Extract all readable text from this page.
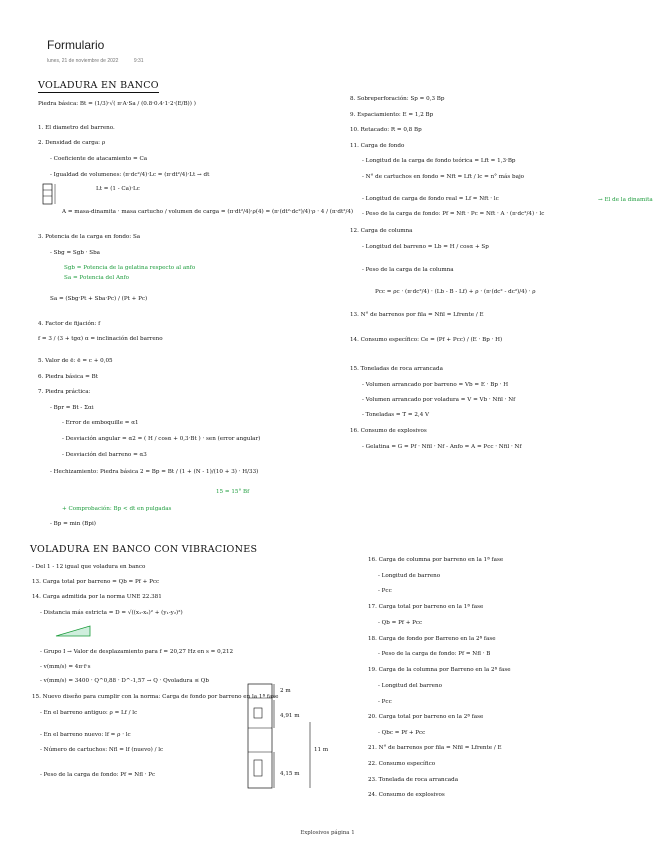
Formulario
lunes, 21 de noviembre de 2022	9:31
VOLADURA EN BANCO
Piedra básica: Bt = (1/3)·√( π·A·Sa / (0.8·0.4·1·2·(E/B)) )
1. El diametro del barreno.
2. Densidad de carga: ρ
- Coeficiente de atacamiento = Ca
- Igualdad de volumenes: (π·dc²/4)·Lc = (π·dt²/4)·Lt → dt
Lt = (1 - Ca)·Lc
A = masa-dinamita · masa cartucho / volumen de carga = (π·dt²/4)·ρ(4) = (π·(dt²·dc²)/4)·ρ · 4 / (π·dt²/4)
3. Potencia de la carga en fondo: Sa
- Sbg = Sgb · Sba
Sgb = Potencia de la gelatina respecto al anfo
Sa = Potencia del Anfo
Sa = (Sbg·Pt + Sba·Pc) / (Pt + Pc)
4. Factor de fijación: f
f = 3 / (3 + tgα) α = inclinación del barreno
5. Valor de ē: ē = c + 0,05
6. Piedra básica = Bt
7. Piedra práctica:
- Bpr = Bt - Σαi
- Error de emboquille = α1
- Desviación angular = α2 = ( H / cosα + 0,3·Bt ) · sen (error angular)
- Desviación del barreno = α3
- Hechizamiento: Piedra básica 2 = Bp = Bt / (1 + (N - 1)/(10 + 3) · H/33)
15 = 15° Bf
+ Comprobación: Bp < dt en pulgadas
- Bp = min (Bpi)
8. Sobreperforación: Sp = 0,3 Bp
9. Espaciamiento: E = 1,2 Bp
10. Retacado: R = 0,8 Bp
11. Carga de fondo
- Longitud de la carga de fondo teórica = Lft = 1,3·Bp
- N° de cartuchos en fondo = Nft = Lft / lc = n° más bajo
- Longitud de carga de fondo real = Lf = Nft · lc
- Peso de la carga de fondo: Pf = Nft · Pc = Nft · A · (π·dc²/4) · lc
→ El de la dinamita
12. Carga de columna
- Longitud del barreno = Lb = H / cosα + Sp
- Peso de la carga de la columna
Pcc = ρc · (π·dc²/4) · (Lb - B - Lf) + ρ · (π·(dc² - dc²)/4) · ρ
13. N° de barrenos por fila = Nfil = Lfrente / E
14. Consumo específico: Ce = (Pf + Pcc) / (E · Bp · H)
15. Toneladas de roca arrancada
- Volumen arrancado por barreno = Vb = E · Bp · H
- Volumen arrancado por voladura = V = Vb · Nfil · Nf
- Toneladas = T = 2,4 V
16. Consumo de explosivos
- Gelatina = G = Pf · Nfil · Nf - Anfo = A = Pcc · Nfil · Nf
VOLADURA EN BANCO CON VIBRACIONES
- Del 1 - 12 igual que voladura en banco
13. Carga total por barreno = Qb = Pf + Pcc
14. Carga admitida por la norma UNE 22.381
- Distancia más estricta = D = √((x₁-x₂)² + (y₁-y₂)²)
- Grupo I → Valor de desplazamiento para f = 20,27 Hz en s = 0,212
- v(mm/s) = 4π·f·s
- v(mm/s) = 3400 · Q^0,88 · D^-1,57 → Q · Qvoladura ≤ Qb
15. Nuevo diseño para cumplir con la norma: Carga de fondo por barreno en la 1ª fase
- En el barreno antiguo: ρ = Lf / lc
- En el barreno nuevo: lf = ρ · lc
- Número de cartuchos: Nfl = lf (nuevo) / lc
- Peso de la carga de fondo: Pf = Nfl · Pc
2 m
4,91 m
11 m
4,15 m
16. Carga de columna por barreno en la 1ª fase
- Longitud de barreno
- Pcc
17. Carga total por barreno en la 1ª fase
- Qb = Pf + Pcc
18. Carga de fondo por Barreno en la 2ª fase
- Peso de la carga de fondo: Pf = Nfl · B
19. Carga de la columna por Barreno en la 2ª fase
- Longitud del barreno
- Pcc
20. Carga total por barreno en la 2ª fase
- Qbc = Pf + Pcc
21. N° de barrenos por fila = Nfil = Lfrente / E
22. Consumo específico
23. Tonelada de roca arrancada
24. Consumo de explosivos
Explosivos página 1
